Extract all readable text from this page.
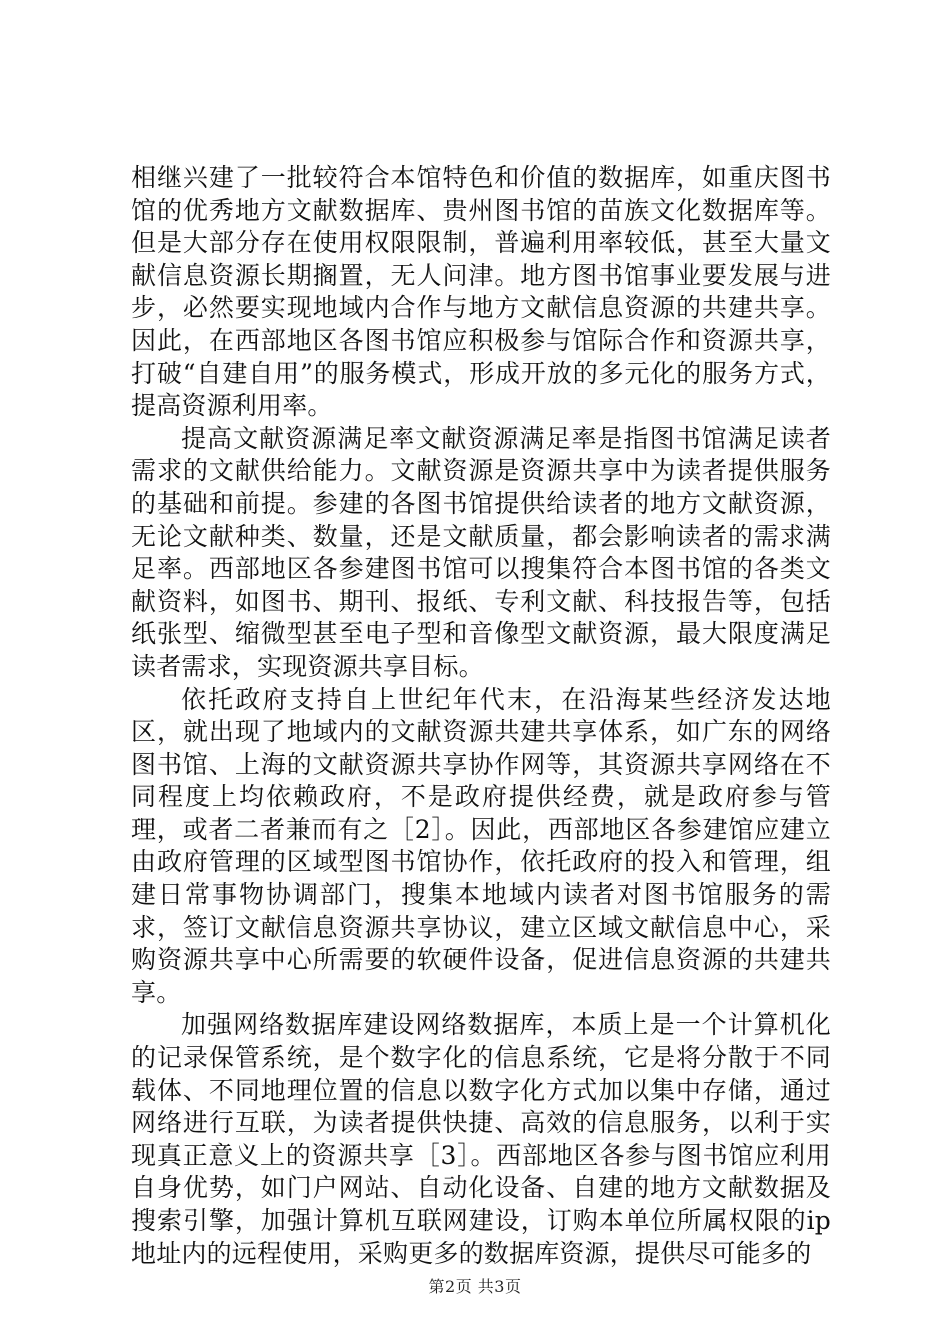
相继兴建了一批较符合本馆特色和价值的数据库，如重庆图书馆的优秀地方文献数据库、贵州图书馆的苗族文化数据库等。但是大部分存在使用权限限制，普遍利用率较低，甚至大量文献信息资源长期搁置，无人问津。地方图书馆事业要发展与进步，必然要实现地域内合作与地方文献信息资源的共建共享。因此，在西部地区各图书馆应积极参与馆际合作和资源共享，打破“自建自用”的服务模式，形成开放的多元化的服务方式，提高资源利用率。

提高文献资源满足率文献资源满足率是指图书馆满足读者需求的文献供给能力。文献资源是资源共享中为读者提供服务的基础和前提。参建的各图书馆提供给读者的地方文献资源，无论文献种类、数量，还是文献质量，都会影响读者的需求满足率。西部地区各参建图书馆可以搜集符合本图书馆的各类文献资料，如图书、期刊、报纸、专利文献、科技报告等，包括纸张型、缩微型甚至电子型和音像型文献资源，最大限度满足读者需求，实现资源共享目标。

依托政府支持自上世纪年代末，在沿海某些经济发达地区，就出现了地域内的文献资源共建共享体系，如广东的网络图书馆、上海的文献资源共享协作网等，其资源共享网络在不同程度上均依赖政府，不是政府提供经费，就是政府参与管理，或者二者兼而有之［2］。因此，西部地区各参建馆应建立由政府管理的区域型图书馆协作，依托政府的投入和管理，组建日常事物协调部门，搜集本地域内读者对图书馆服务的需求，签订文献信息资源共享协议，建立区域文献信息中心，采购资源共享中心所需要的软硬件设备，促进信息资源的共建共享。

加强网络数据库建设网络数据库，本质上是一个计算机化的记录保管系统，是个数字化的信息系统，它是将分散于不同载体、不同地理位置的信息以数字化方式加以集中存储，通过网络进行互联，为读者提供快捷、高效的信息服务，以利于实现真正意义上的资源共享［3］。西部地区各参与图书馆应利用自身优势，如门户网站、自动化设备、自建的地方文献数据及搜索引擎，加强计算机互联网建设，订购本单位所属权限的ip地址内的远程使用，采购更多的数据库资源，提供尽可能多的

第2页 共3页
